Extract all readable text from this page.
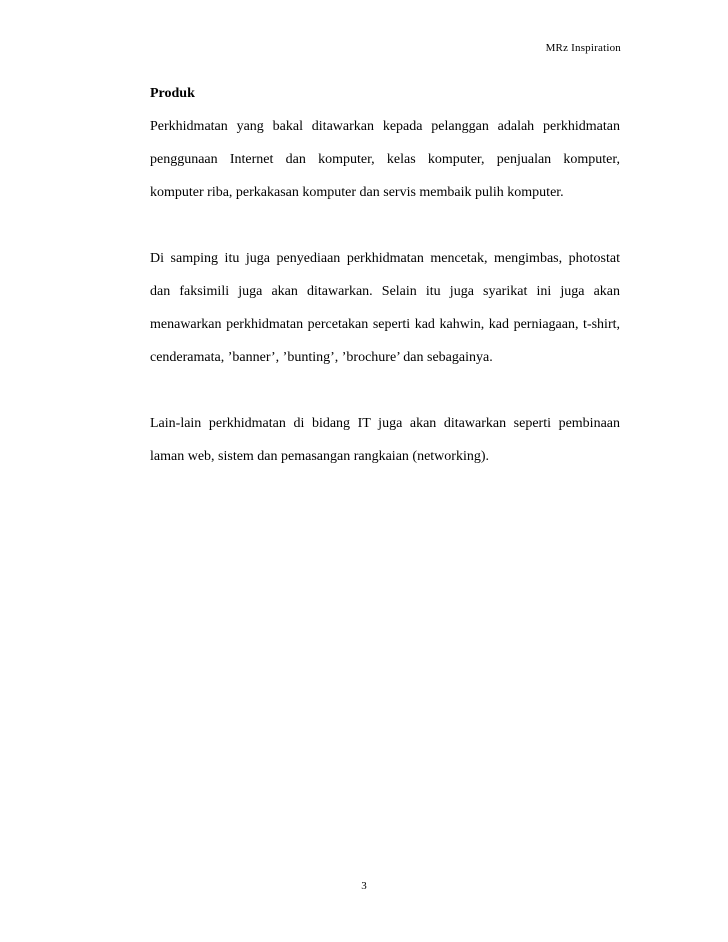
MRz Inspiration
Produk
Perkhidmatan yang bakal ditawarkan kepada pelanggan adalah perkhidmatan
penggunaan Internet dan komputer, kelas komputer, penjualan komputer,
komputer riba, perkakasan komputer dan servis membaik pulih komputer.
Di samping itu juga penyediaan perkhidmatan mencetak, mengimbas, photostat
dan faksimili juga akan ditawarkan. Selain itu juga syarikat ini juga akan
menawarkan perkhidmatan percetakan seperti kad kahwin, kad perniagaan, t-shirt,
cenderamata, ’banner’, ’bunting’, ’brochure’ dan sebagainya.
Lain-lain perkhidmatan di bidang IT juga akan ditawarkan seperti pembinaan
laman web, sistem dan pemasangan rangkaian (networking).
3
